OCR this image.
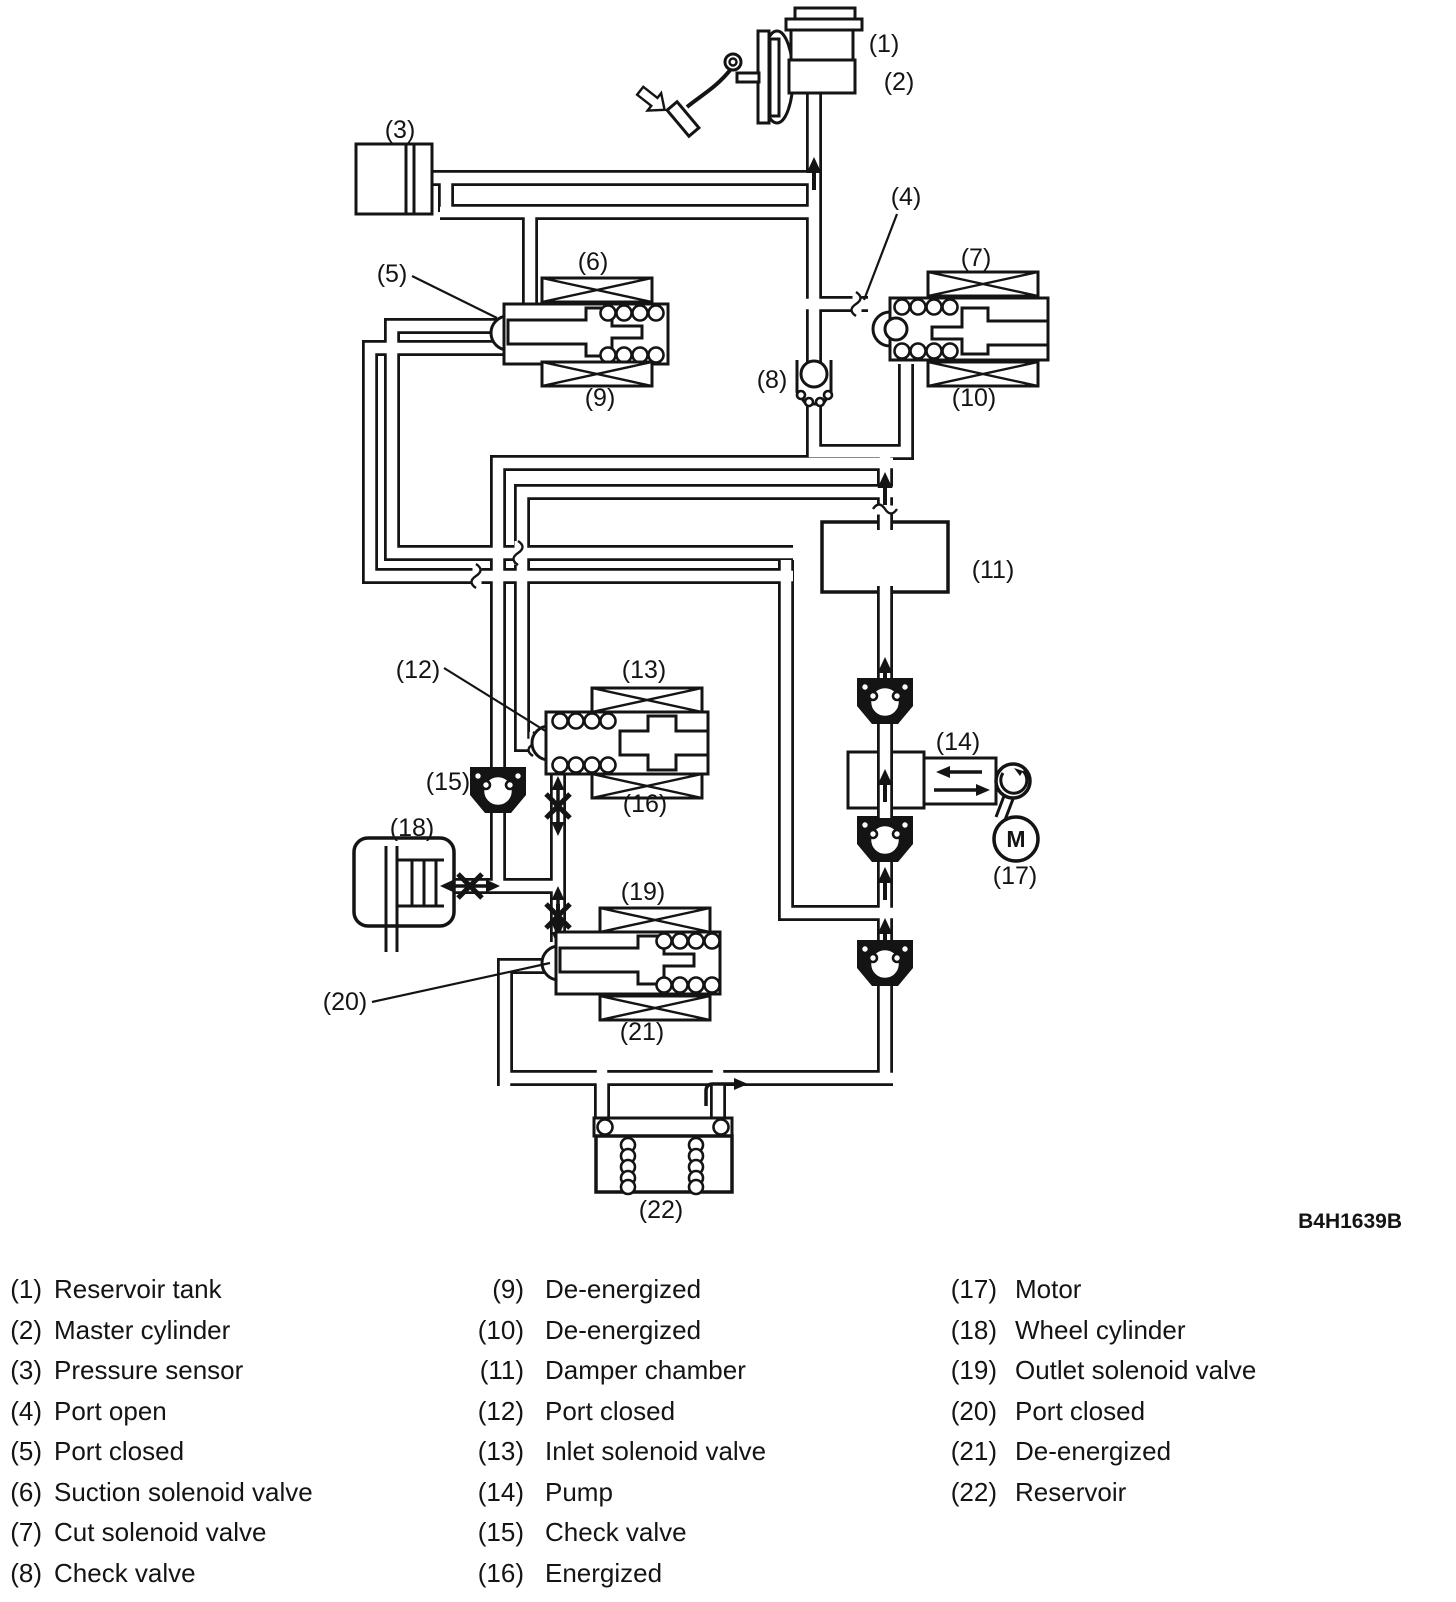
M
B4H1639B
(1)
(2)
(3)
(4)
(5)	(6)	(7)
(8)
(9)	(10)
(11)
(12)	(13)
(14)
(15)
(16)
(17)
(18)
(19)
(20)
(21)
(22)
(1) Reservoir tank
(2) Master cylinder
(3) Pressure sensor
(4) Port open
(5) Port closed
(6) Suction solenoid valve
(7) Cut solenoid valve
(8) Check valve
(9) De-energized
(10) De-energized
(11) Damper chamber
(12) Port closed
(13) Inlet solenoid valve
(14) Pump
(15) Check valve
(16) Energized
(17) Motor
(18) Wheel cylinder
(19) Outlet solenoid valve
(20) Port closed
(21) De-energized
(22) Reservoir
